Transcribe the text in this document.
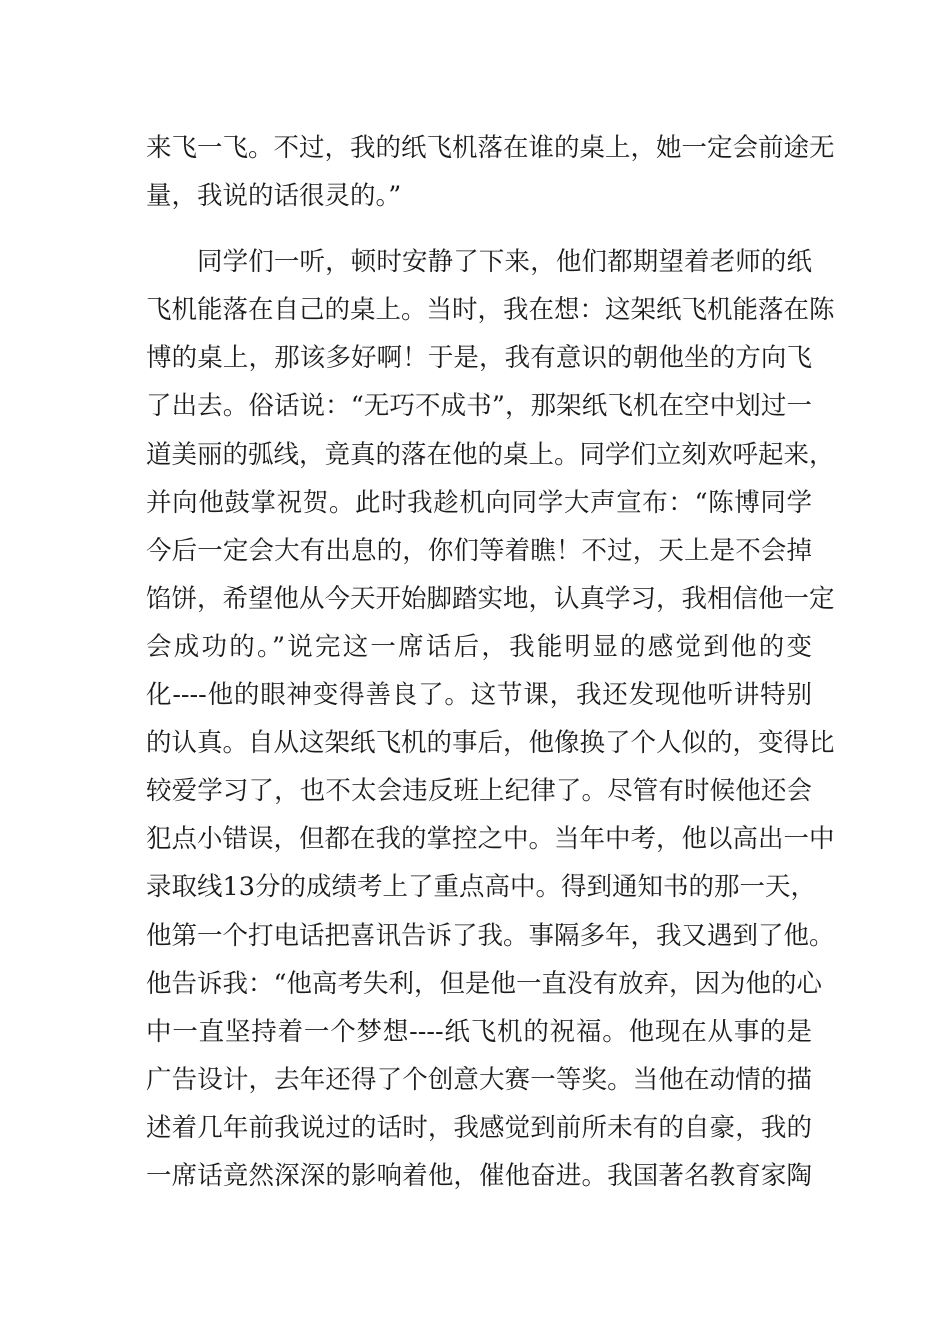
来飞一飞。不过，我的纸飞机落在谁的桌上，她一定会前途无
量，我说的话很灵的。”
同学们一听，顿时安静了下来，他们都期望着老师的纸
飞机能落在自己的桌上。当时，我在想：这架纸飞机能落在陈
博的桌上，那该多好啊！于是，我有意识的朝他坐的方向飞
了出去。俗话说：“无巧不成书”，那架纸飞机在空中划过一
道美丽的弧线，竟真的落在他的桌上。同学们立刻欢呼起来，
并向他鼓掌祝贺。此时我趁机向同学大声宣布：“陈博同学
今后一定会大有出息的，你们等着瞧！不过，天上是不会掉
馅饼，希望他从今天开始脚踏实地，认真学习，我相信他一定
会成功的。”说完这一席话后，我能明显的感觉到他的变
化----他的眼神变得善良了。这节课，我还发现他听讲特别
的认真。自从这架纸飞机的事后，他像换了个人似的，变得比
较爱学习了，也不太会违反班上纪律了。尽管有时候他还会
犯点小错误，但都在我的掌控之中。当年中考，他以高出一中
录取线13分的成绩考上了重点高中。得到通知书的那一天，
他第一个打电话把喜讯告诉了我。事隔多年，我又遇到了他。
他告诉我：“他高考失利，但是他一直没有放弃，因为他的心
中一直坚持着一个梦想----纸飞机的祝福。他现在从事的是
广告设计，去年还得了个创意大赛一等奖。当他在动情的描
述着几年前我说过的话时，我感觉到前所未有的自豪，我的
一席话竟然深深的影响着他，催他奋进。我国著名教育家陶
